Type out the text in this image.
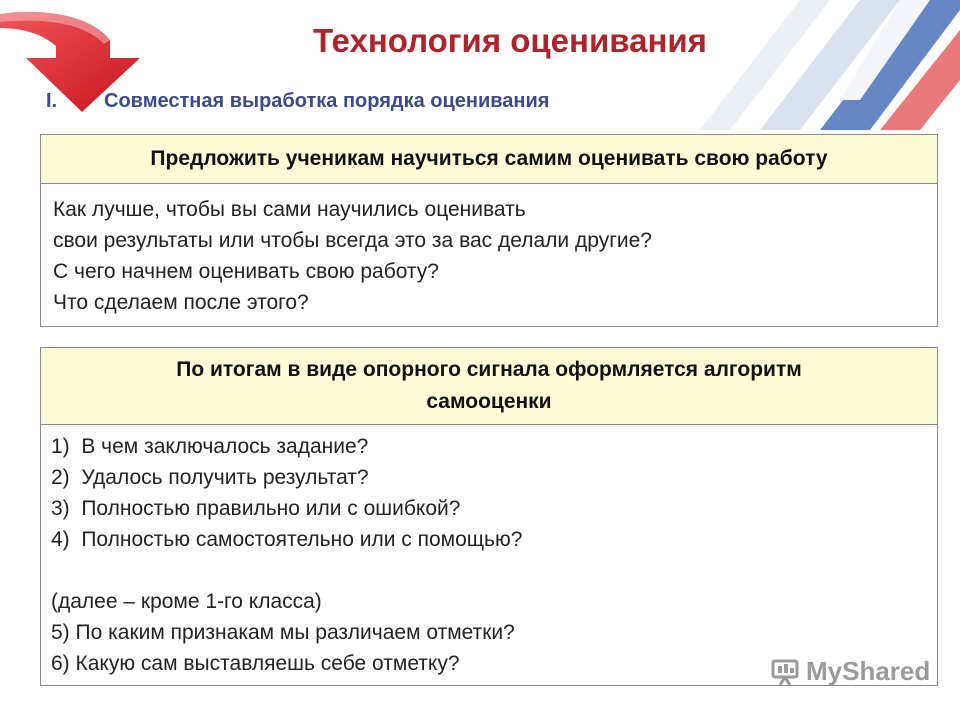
Технология оценивания
I. Совместная выработка порядка оценивания
Предложить ученикам научиться самим оценивать свою работу
Как лучше, чтобы вы сами научились оценивать
свои результаты или чтобы всегда это за вас делали другие?
С чего начнем оценивать свою работу?
Что сделаем после этого?
По итогам в виде опорного сигнала оформляется алгоритм
самооценки
1)  В чем заключалось задание?
2)  Удалось получить результат?
3)  Полностью правильно или с ошибкой?
4)  Полностью самостоятельно или с помощью?
(далее – кроме 1-го класса)
5) По каким признакам мы различаем отметки?
6) Какую сам выставляешь себе отметку?	MyShared
